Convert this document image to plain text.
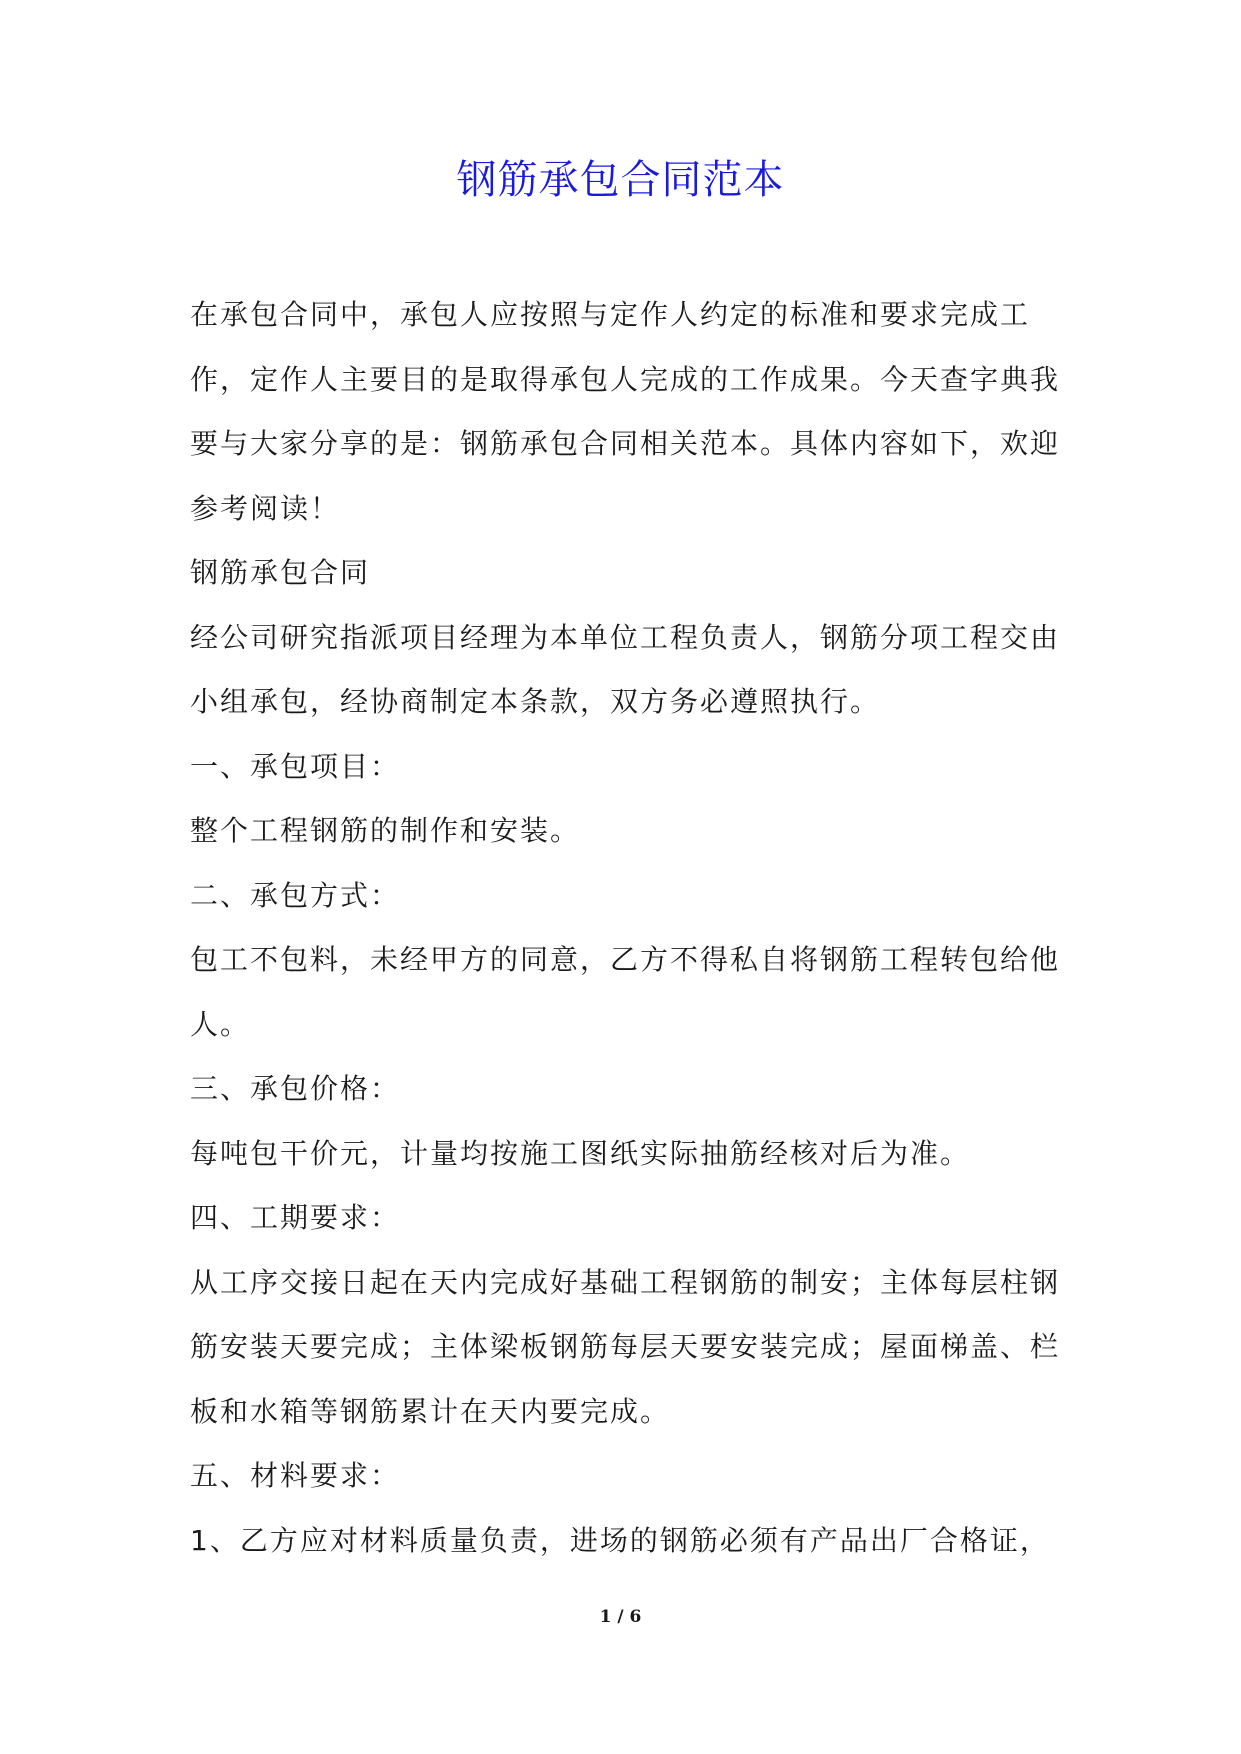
钢筋承包合同范本

在承包合同中，承包人应按照与定作人约定的标准和要求完成工作，定作人主要目的是取得承包人完成的工作成果。今天查字典我要与大家分享的是：钢筋承包合同相关范本。具体内容如下，欢迎参考阅读！

钢筋承包合同

经公司研究指派项目经理为本单位工程负责人，钢筋分项工程交由小组承包，经协商制定本条款，双方务必遵照执行。

一、承包项目：

整个工程钢筋的制作和安装。

二、承包方式：

包工不包料，未经甲方的同意，乙方不得私自将钢筋工程转包给他人。

三、承包价格：

每吨包干价元，计量均按施工图纸实际抽筋经核对后为准。

四、工期要求：

从工序交接日起在天内完成好基础工程钢筋的制安；主体每层柱钢筋安装天要完成；主体梁板钢筋每层天要安装完成；屋面梯盖、栏板和水箱等钢筋累计在天内要完成。

五、材料要求：

1、乙方应对材料质量负责，进场的钢筋必须有产品出厂合格证，

1 / 6
